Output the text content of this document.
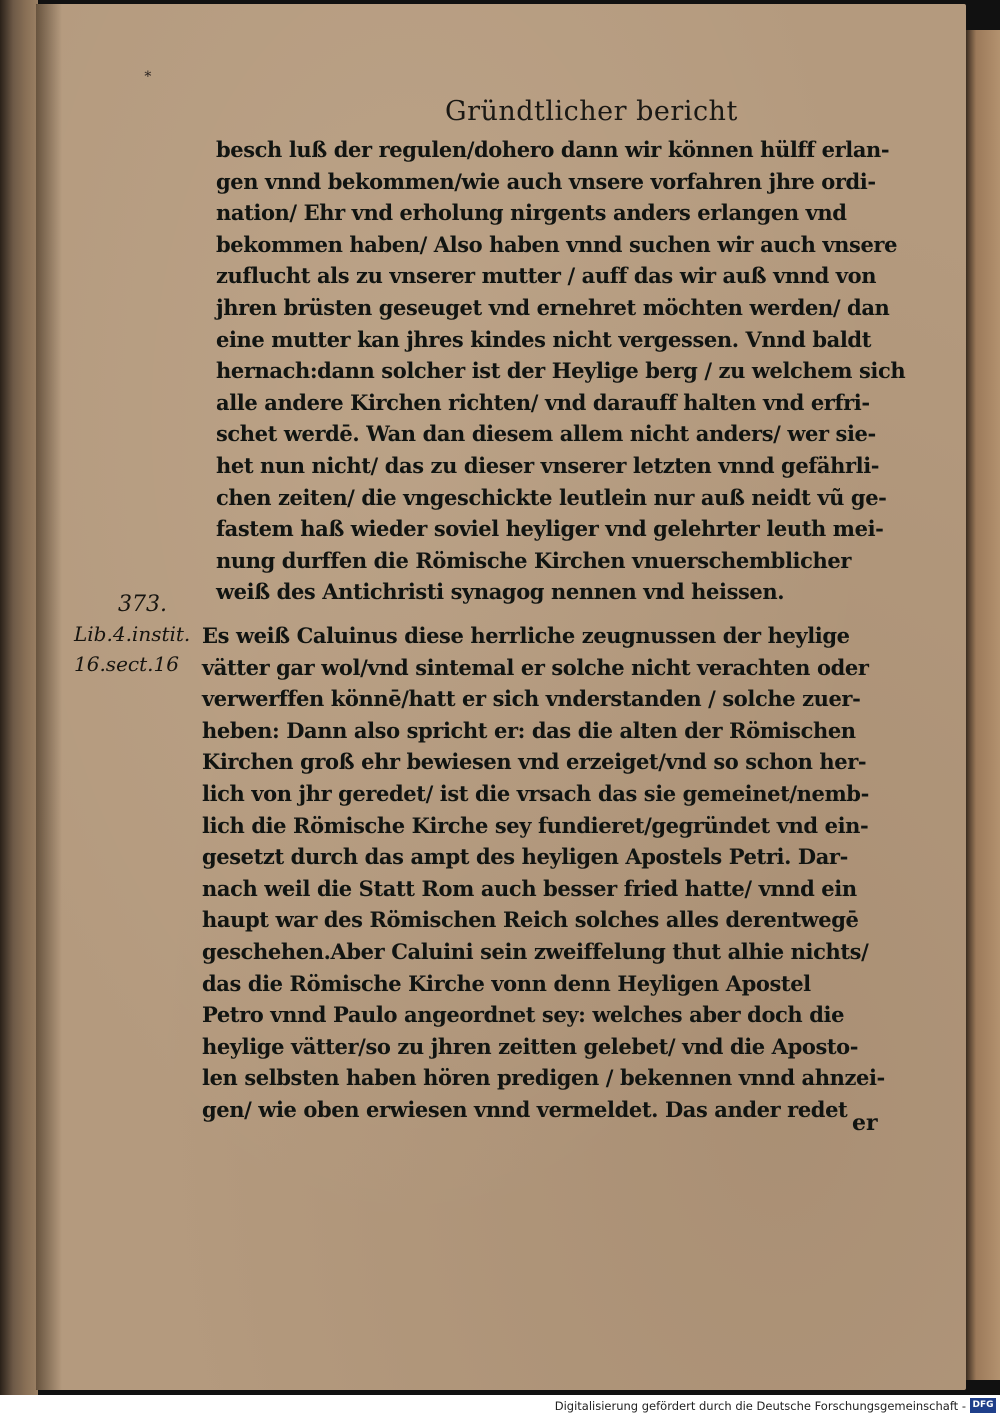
∗
Gründtlicher bericht
besch luß der regulen/dohero dann wir können hülff erlan‑
gen vnnd bekommen/wie auch vnsere vorfahren jhre ordi‑
nation/ Ehr vnd erholung nirgents anders erlangen vnd
bekommen haben/ Also haben vnnd suchen wir auch vnsere
zuflucht als zu vnserer mutter / auff das wir auß vnnd von
jhren brüsten geseuget vnd ernehret möchten werden/ dan
eine mutter kan jhres kindes nicht vergessen. Vnnd baldt
hernach:dann solcher ist der Heylige berg / zu welchem sich
alle andere Kirchen richten/ vnd darauff halten vnd erfri‑
schet werdē. Wan dan diesem allem nicht anders/ wer sie‑
het nun nicht/ das zu dieser vnserer letzten vnnd gefährli‑
chen zeiten/ die vngeschickte leutlein nur auß neidt vũ ge‑
fastem haß wieder soviel heyliger vnd gelehrter leuth mei‑
nung durffen die Römische Kirchen vnuerschemblicher
weiß des Antichristi synagog nennen vnd heissen.
373.
Lib.4.instit.
16.sect.16
Es weiß Caluinus diese herrliche zeugnussen der heylige
vätter gar wol/vnd sintemal er solche nicht verachten oder
verwerffen könnē/hatt er sich vnderstanden / solche zuer‑
heben: Dann also spricht er: das die alten der Römischen
Kirchen groß ehr bewiesen vnd erzeiget/vnd so schon her‑
lich von jhr geredet/ ist die vrsach das sie gemeinet/nemb‑
lich die Römische Kirche sey fundieret/gegründet vnd ein‑
gesetzt durch das ampt des heyligen Apostels Petri. Dar‑
nach weil die Statt Rom auch besser fried hatte/ vnnd ein
haupt war des Römischen Reich solches alles derentwegē
geschehen.Aber Caluini sein zweiffelung thut alhie nichts/
das die Römische Kirche vonn denn Heyligen Apostel
Petro vnnd Paulo angeordnet sey: welches aber doch die
heylige vätter/so zu jhren zeitten gelebet/ vnd die Aposto‑
len selbsten haben hören predigen / bekennen vnnd ahnzei‑
gen/ wie oben erwiesen vnnd vermeldet. Das ander redet
er
Digitalisierung gefördert durch die Deutsche Forschungsgemeinschaft - DFG
